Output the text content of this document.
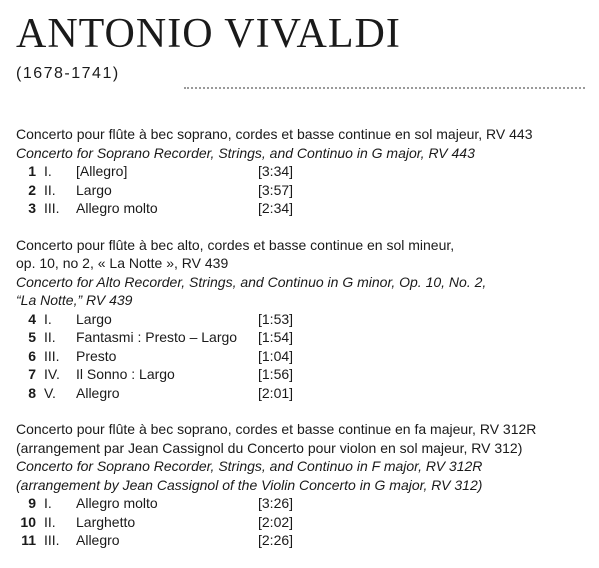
ANTONIO VIVALDI
(1678-1741)

Concerto pour flûte à bec soprano, cordes et basse continue en sol majeur, RV 443

Concerto for Soprano Recorder, Strings, and Continuo in G major, RV 443

1 I.	[Allegro]	[3:34]
2 II.	Largo	[3:57]
3 III.	Allegro molto	[2:34]

Concerto pour flûte à bec alto, cordes et basse continue en sol mineur,

op. 10, no 2, « La Notte », RV 439

Concerto for Alto Recorder, Strings, and Continuo in G minor, Op. 10, No. 2,

“La Notte,” RV 439

4 I.	Largo	[1:53]
5 II.	Fantasmi : Presto – Largo	[1:54]
6 III.	Presto	[1:04]
7 IV.	Il Sonno : Largo	[1:56]
8 V.	Allegro	[2:01]

Concerto pour flûte à bec soprano, cordes et basse continue en fa majeur, RV 312R

(arrangement par Jean Cassignol du Concerto pour violon en sol majeur, RV 312)

Concerto for Soprano Recorder, Strings, and Continuo in F major, RV 312R

(arrangement by Jean Cassignol of the Violin Concerto in G major, RV 312)

9 I.	Allegro molto	[3:26]
10 II.	Larghetto	[2:02]
11 III.	Allegro	[2:26]
